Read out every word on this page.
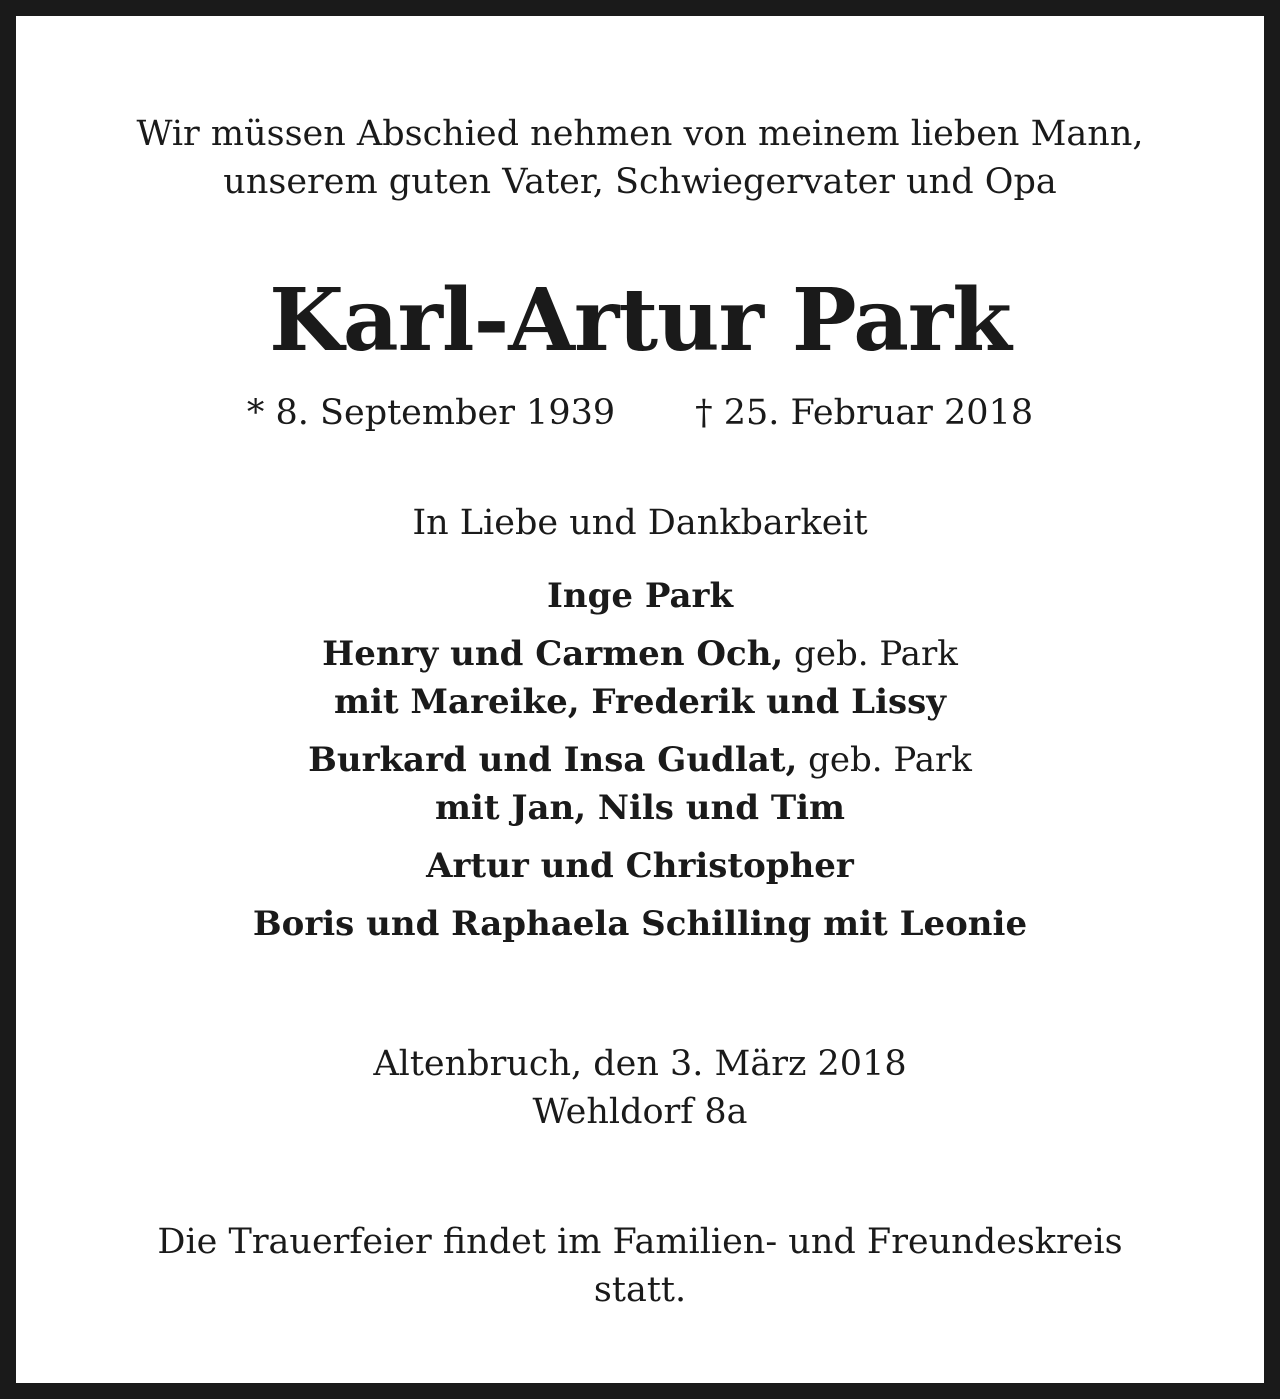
Wir müssen Abschied nehmen von meinem lieben Mann,
unserem guten Vater, Schwiegervater und Opa
Karl-Artur Park
* 8. September 1939 † 25. Februar 2018
In Liebe und Dankbarkeit
Inge Park
Henry und Carmen Och, geb. Park
mit Mareike, Frederik und Lissy
Burkard und Insa Gudlat, geb. Park
mit Jan, Nils und Tim
Artur und Christopher
Boris und Raphaela Schilling mit Leonie
Altenbruch, den 3. März 2018
Wehldorf 8a
Die Trauerfeier findet im Familien- und Freundeskreis
statt.
